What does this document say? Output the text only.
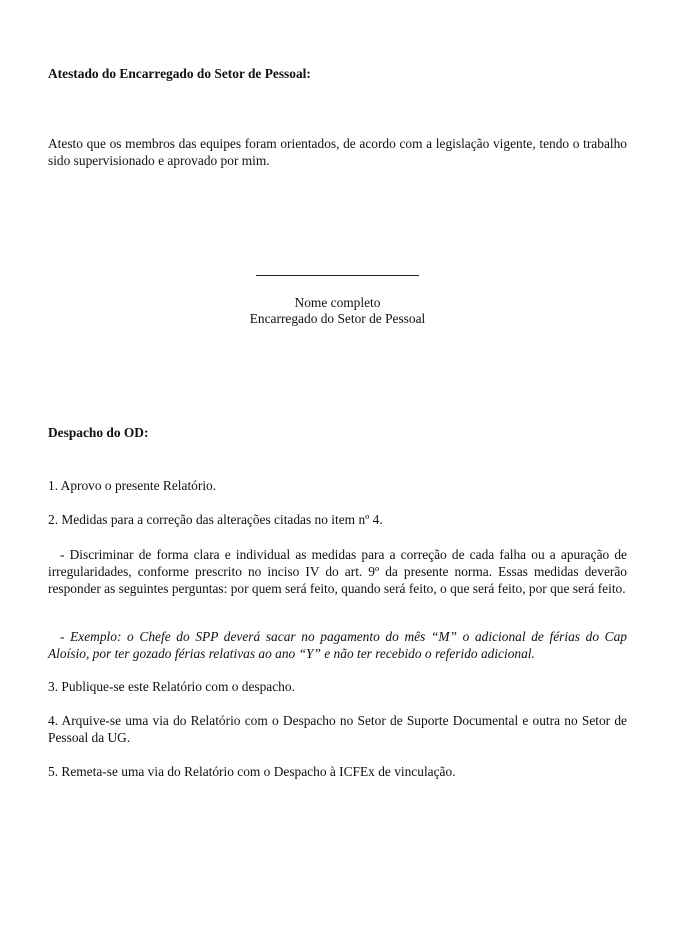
Atestado do Encarregado do Setor de Pessoal:

Atesto que os membros das equipes foram orientados, de acordo com a legislação vigente, tendo o trabalho sido supervisionado e aprovado por mim.

Nome completo

Encarregado do Setor de Pessoal

Despacho do OD:

1. Aprovo o presente Relatório.

2. Medidas para a correção das alterações citadas no item nº 4.

- Discriminar de forma clara e individual as medidas para a correção de cada falha ou a apuração de irregularidades, conforme prescrito no inciso IV do art. 9º da presente norma. Essas medidas deverão responder as seguintes perguntas: por quem será feito, quando será feito, o que será feito, por que será feito.

- Exemplo: o Chefe do SPP deverá sacar no pagamento do mês “M” o adicional de férias do Cap Aloísio, por ter gozado férias relativas ao ano “Y” e não ter recebido o referido adicional.

3. Publique-se este Relatório com o despacho.

4. Arquive-se uma via do Relatório com o Despacho no Setor de Suporte Documental e outra no Setor de Pessoal da UG.

5. Remeta-se uma via do Relatório com o Despacho à ICFEx de vinculação.
